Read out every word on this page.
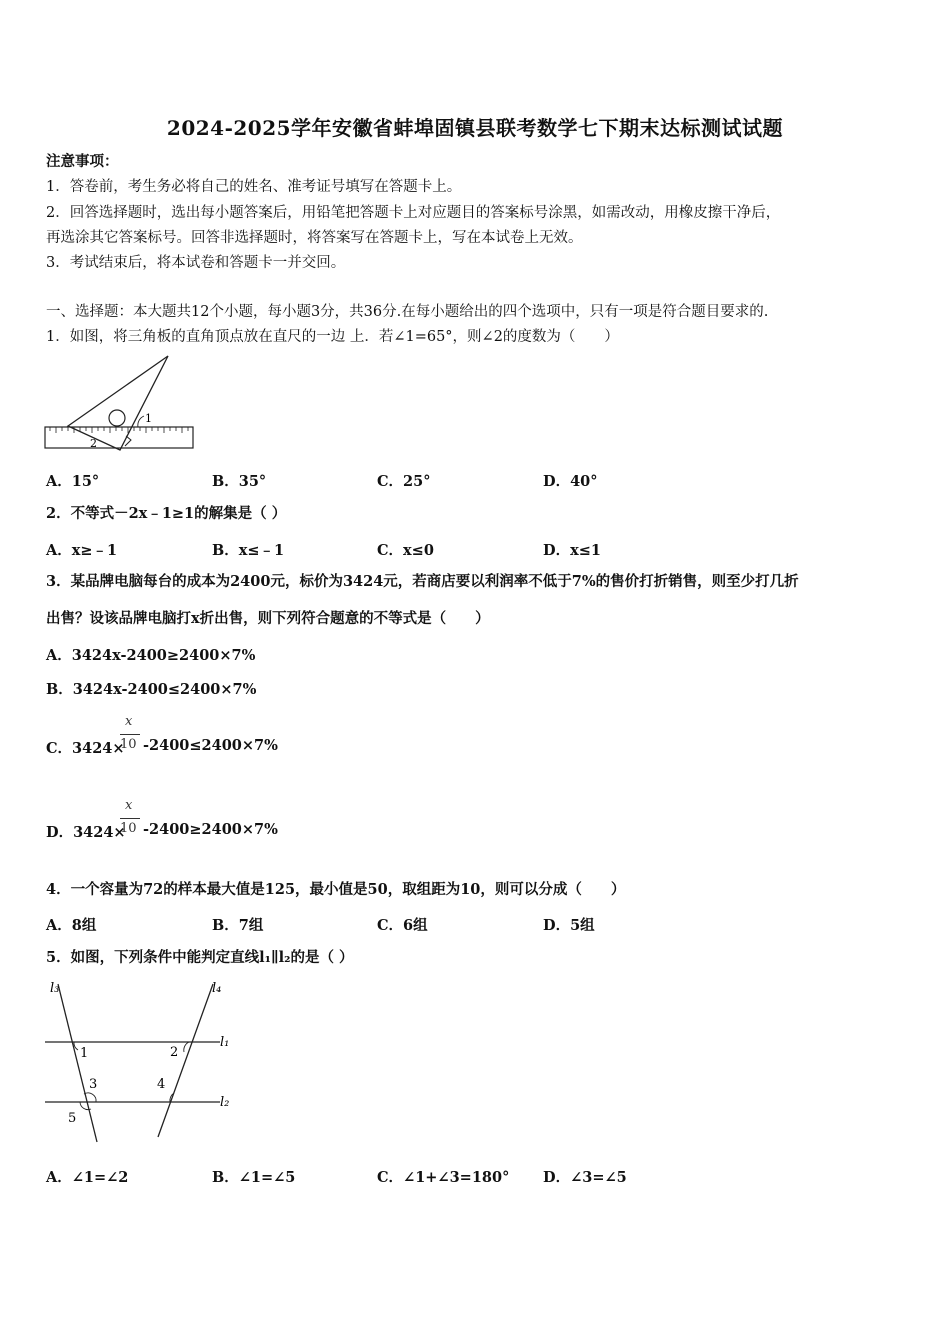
2024-2025学年安徽省蚌埠固镇县联考数学七下期末达标测试试题
注意事项：
1．答卷前，考生务必将自己的姓名、准考证号填写在答题卡上。
2．回答选择题时，选出每小题答案后，用铅笔把答题卡上对应题目的答案标号涂黑，如需改动，用橡皮擦干净后，
再选涂其它答案标号。回答非选择题时，将答案写在答题卡上，写在本试卷上无效。
3．考试结束后，将本试卷和答题卡一并交回。
一、选择题：本大题共12个小题，每小题3分，共36分.在每小题给出的四个选项中，只有一项是符合题目要求的.
1．如图，将三角板的直角顶点放在直尺的一边 上．若∠1=65°，则∠2的度数为（　　）
1
2
A．15°	B．35°	C．25°	D．40°
2．不等式－2x﹣1≥1的解集是（ ）
A．x≥﹣1	B．x≤﹣1	C．x≤0	D．x≤1
3．某品牌电脑每台的成本为2400元，标价为3424元，若商店要以利润率不低于7%的售价打折销售，则至少打几折
出售？设该品牌电脑打x折出售，则下列符合题意的不等式是（　　）
A．3424x-2400≥2400×7%
B．3424x-2400≤2400×7%
C．3424×
x
10 -2400≤2400×7%
D．3424×
x
10 -2400≥2400×7%
4．一个容量为72的样本最大值是125，最小值是50，取组距为10，则可以分成（　　）
A．8组	B．7组	C．6组	D．5组
5．如图，下列条件中能判定直线l₁∥l₂的是（ ）
l₃	l₄
l₁
l₂
1	2
3	4
5
A．∠1=∠2	B．∠1=∠5	C．∠1+∠3=180° D．∠3=∠5
